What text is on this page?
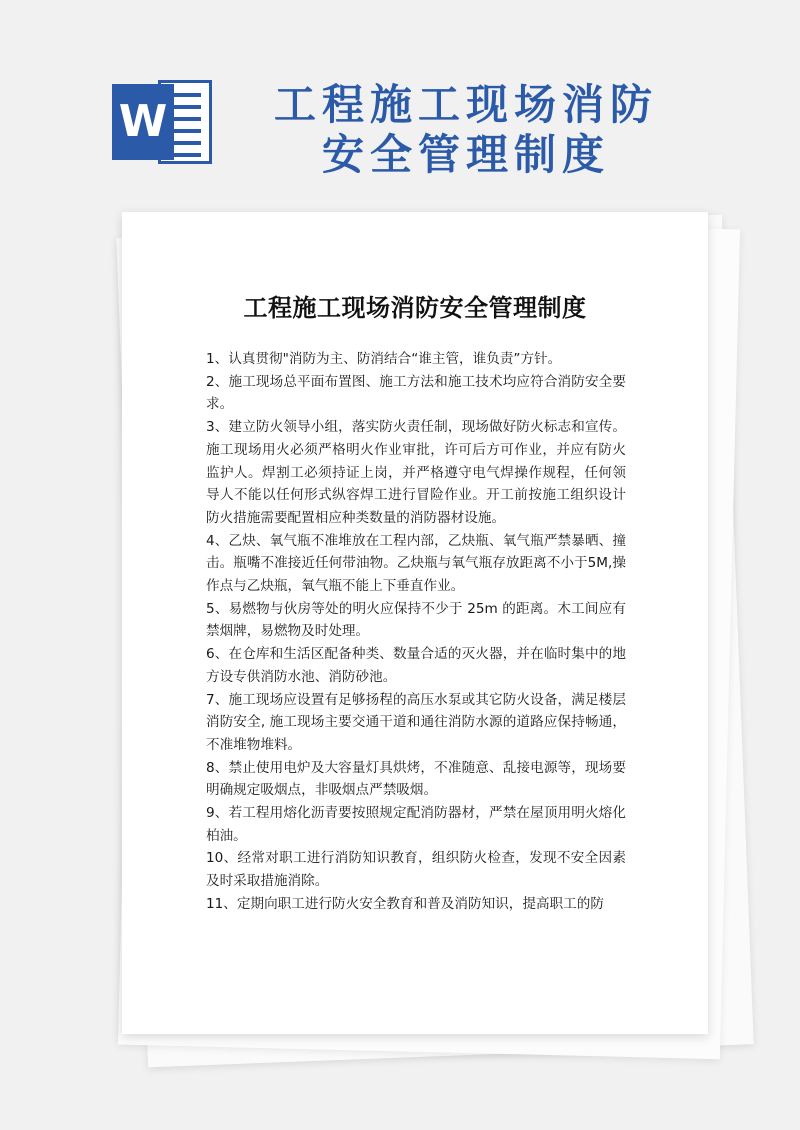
W	工程施工现场消防
安全管理制度
工程施工现场消防安全管理制度

1、认真贯彻"消防为主、防消结合“谁主管，谁负责”方针。

2、施工现场总平面布置图、施工方法和施工技术均应符合消防安全要求。

3、建立防火领导小组，落实防火责任制，现场做好防火标志和宣传。施工现场用火必须严格明火作业审批，许可后方可作业，并应有防火监护人。焊割工必须持证上岗，并严格遵守电气焊操作规程，任何领导人不能以任何形式纵容焊工进行冒险作业。开工前按施工组织设计防火措施需要配置相应种类数量的消防器材设施。

4、乙炔、氧气瓶不准堆放在工程内部，乙炔瓶、氧气瓶严禁暴晒、撞击。瓶嘴不准接近任何带油物。乙炔瓶与氧气瓶存放距离不小于5M,操作点与乙炔瓶，氧气瓶不能上下垂直作业。

5、易燃物与伙房等处的明火应保持不少于 25m 的距离。木工间应有禁烟牌，易燃物及时处理。

6、在仓库和生活区配备种类、数量合适的灭火器，并在临时集中的地方设专供消防水池、消防砂池。

7、施工现场应设置有足够扬程的高压水泵或其它防火设备，满足楼层消防安全, 施工现场主要交通干道和通往消防水源的道路应保持畅通，不准堆物堆料。

8、禁止使用电炉及大容量灯具烘烤，不准随意、乱接电源等，现场要明确规定吸烟点，非吸烟点严禁吸烟。

9、若工程用熔化沥青要按照规定配消防器材，严禁在屋顶用明火熔化柏油。

10、经常对职工进行消防知识教育，组织防火检查，发现不安全因素及时采取措施消除。

11、定期向职工进行防火安全教育和普及消防知识，提高职工的防
